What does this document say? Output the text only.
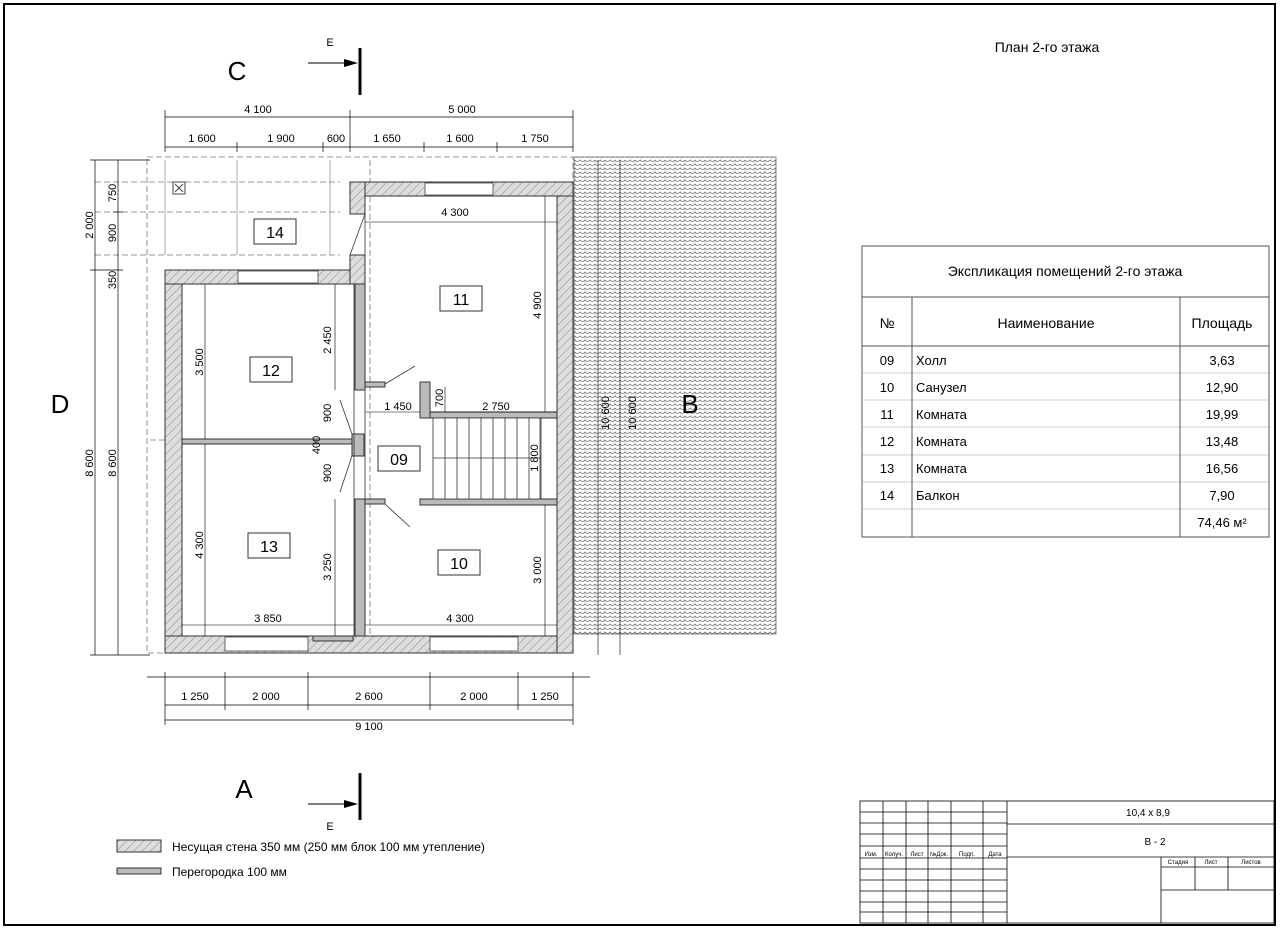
План 2-го этажа
14
11
12
09
13
10
C
D
A
B
E
E
4 100	5 000
1 600	1 900	600	1 650	1 600	1 750
1 250	2 000	2 600	2 000	1 250
9 100
750
900
2 000
350
8 600 8 600
4 300
4 900
2 450
3 500
900
400
900
1 450 700	2 750
1 800
10 600 10 600
4 300
3 250	3 000
3 850	4 300
Экспликация помещений 2-го этажа
№	Наименование	Площадь
09 Холл	3,63
10 Санузел	12,90
11 Комната	19,99
12 Комната	13,48
13 Комната	16,56
14 Балкон	7,90
74,46 м²
Несущая стена 350 мм (250 мм блок 100 мм утепление)
Перегородка 100 мм
10,4 x 8,9
В - 2
Изм. Колуч. Лист №Док. Подп. Дата
Стадия	Лист	Листов
